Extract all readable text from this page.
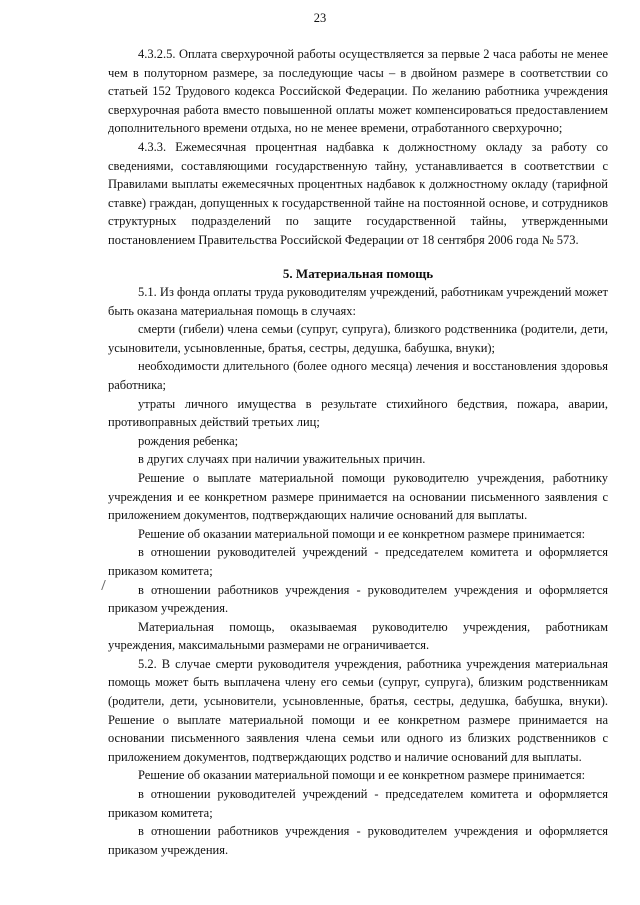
23

4.3.2.5. Оплата сверхурочной работы осуществляется за первые 2 часа работы не менее чем в полуторном размере, за последующие часы – в двойном размере в соответствии со статьей 152 Трудового кодекса Российской Федерации. По желанию работника учреждения сверхурочная работа вместо повышенной оплаты может компенсироваться предоставлением дополнительного времени отдыха, но не менее времени, отработанного сверхурочно;

4.3.3. Ежемесячная процентная надбавка к должностному окладу за работу со сведениями, составляющими государственную тайну, устанавливается в соответствии с Правилами выплаты ежемесячных процентных надбавок к должностному окладу (тарифной ставке) граждан, допущенных к государственной тайне на постоянной основе, и сотрудников структурных подразделений по защите государственной тайны, утвержденными постановлением Правительства Российской Федерации от 18 сентября 2006 года № 573.

5. Материальная помощь

5.1. Из фонда оплаты труда руководителям учреждений, работникам учреждений может быть оказана материальная помощь в случаях:

смерти (гибели) члена семьи (супруг, супруга), близкого родственника (родители, дети, усыновители, усыновленные, братья, сестры, дедушка, бабушка, внуки);

необходимости длительного (более одного месяца) лечения и восстановления здоровья работника;

утраты личного имущества в результате стихийного бедствия, пожара, аварии, противоправных действий третьих лиц;

рождения ребенка;

в других случаях при наличии уважительных причин.

Решение о выплате материальной помощи руководителю учреждения, работнику учреждения и ее конкретном размере принимается на основании письменного заявления с приложением документов, подтверждающих наличие оснований для выплаты.

Решение об оказании материальной помощи и ее конкретном размере принимается:

в отношении руководителей учреждений - председателем комитета и оформляется приказом комитета;

в отношении работников учреждения - руководителем учреждения и оформляется приказом учреждения.

Материальная помощь, оказываемая руководителю учреждения, работникам учреждения, максимальными размерами не ограничивается.

5.2. В случае смерти руководителя учреждения, работника учреждения материальная помощь может быть выплачена члену его семьи (супруг, супруга), близким родственникам (родители, дети, усыновители, усыновленные, братья, сестры, дедушка, бабушка, внуки). Решение о выплате материальной помощи и ее конкретном размере принимается на основании письменного заявления члена семьи или одного из близких родственников с приложением документов, подтверждающих родство и наличие оснований для выплаты.

Решение об оказании материальной помощи и ее конкретном размере принимается:

в отношении руководителей учреждений - председателем комитета и оформляется приказом комитета;

в отношении работников учреждения - руководителем учреждения и оформляется приказом учреждения.
